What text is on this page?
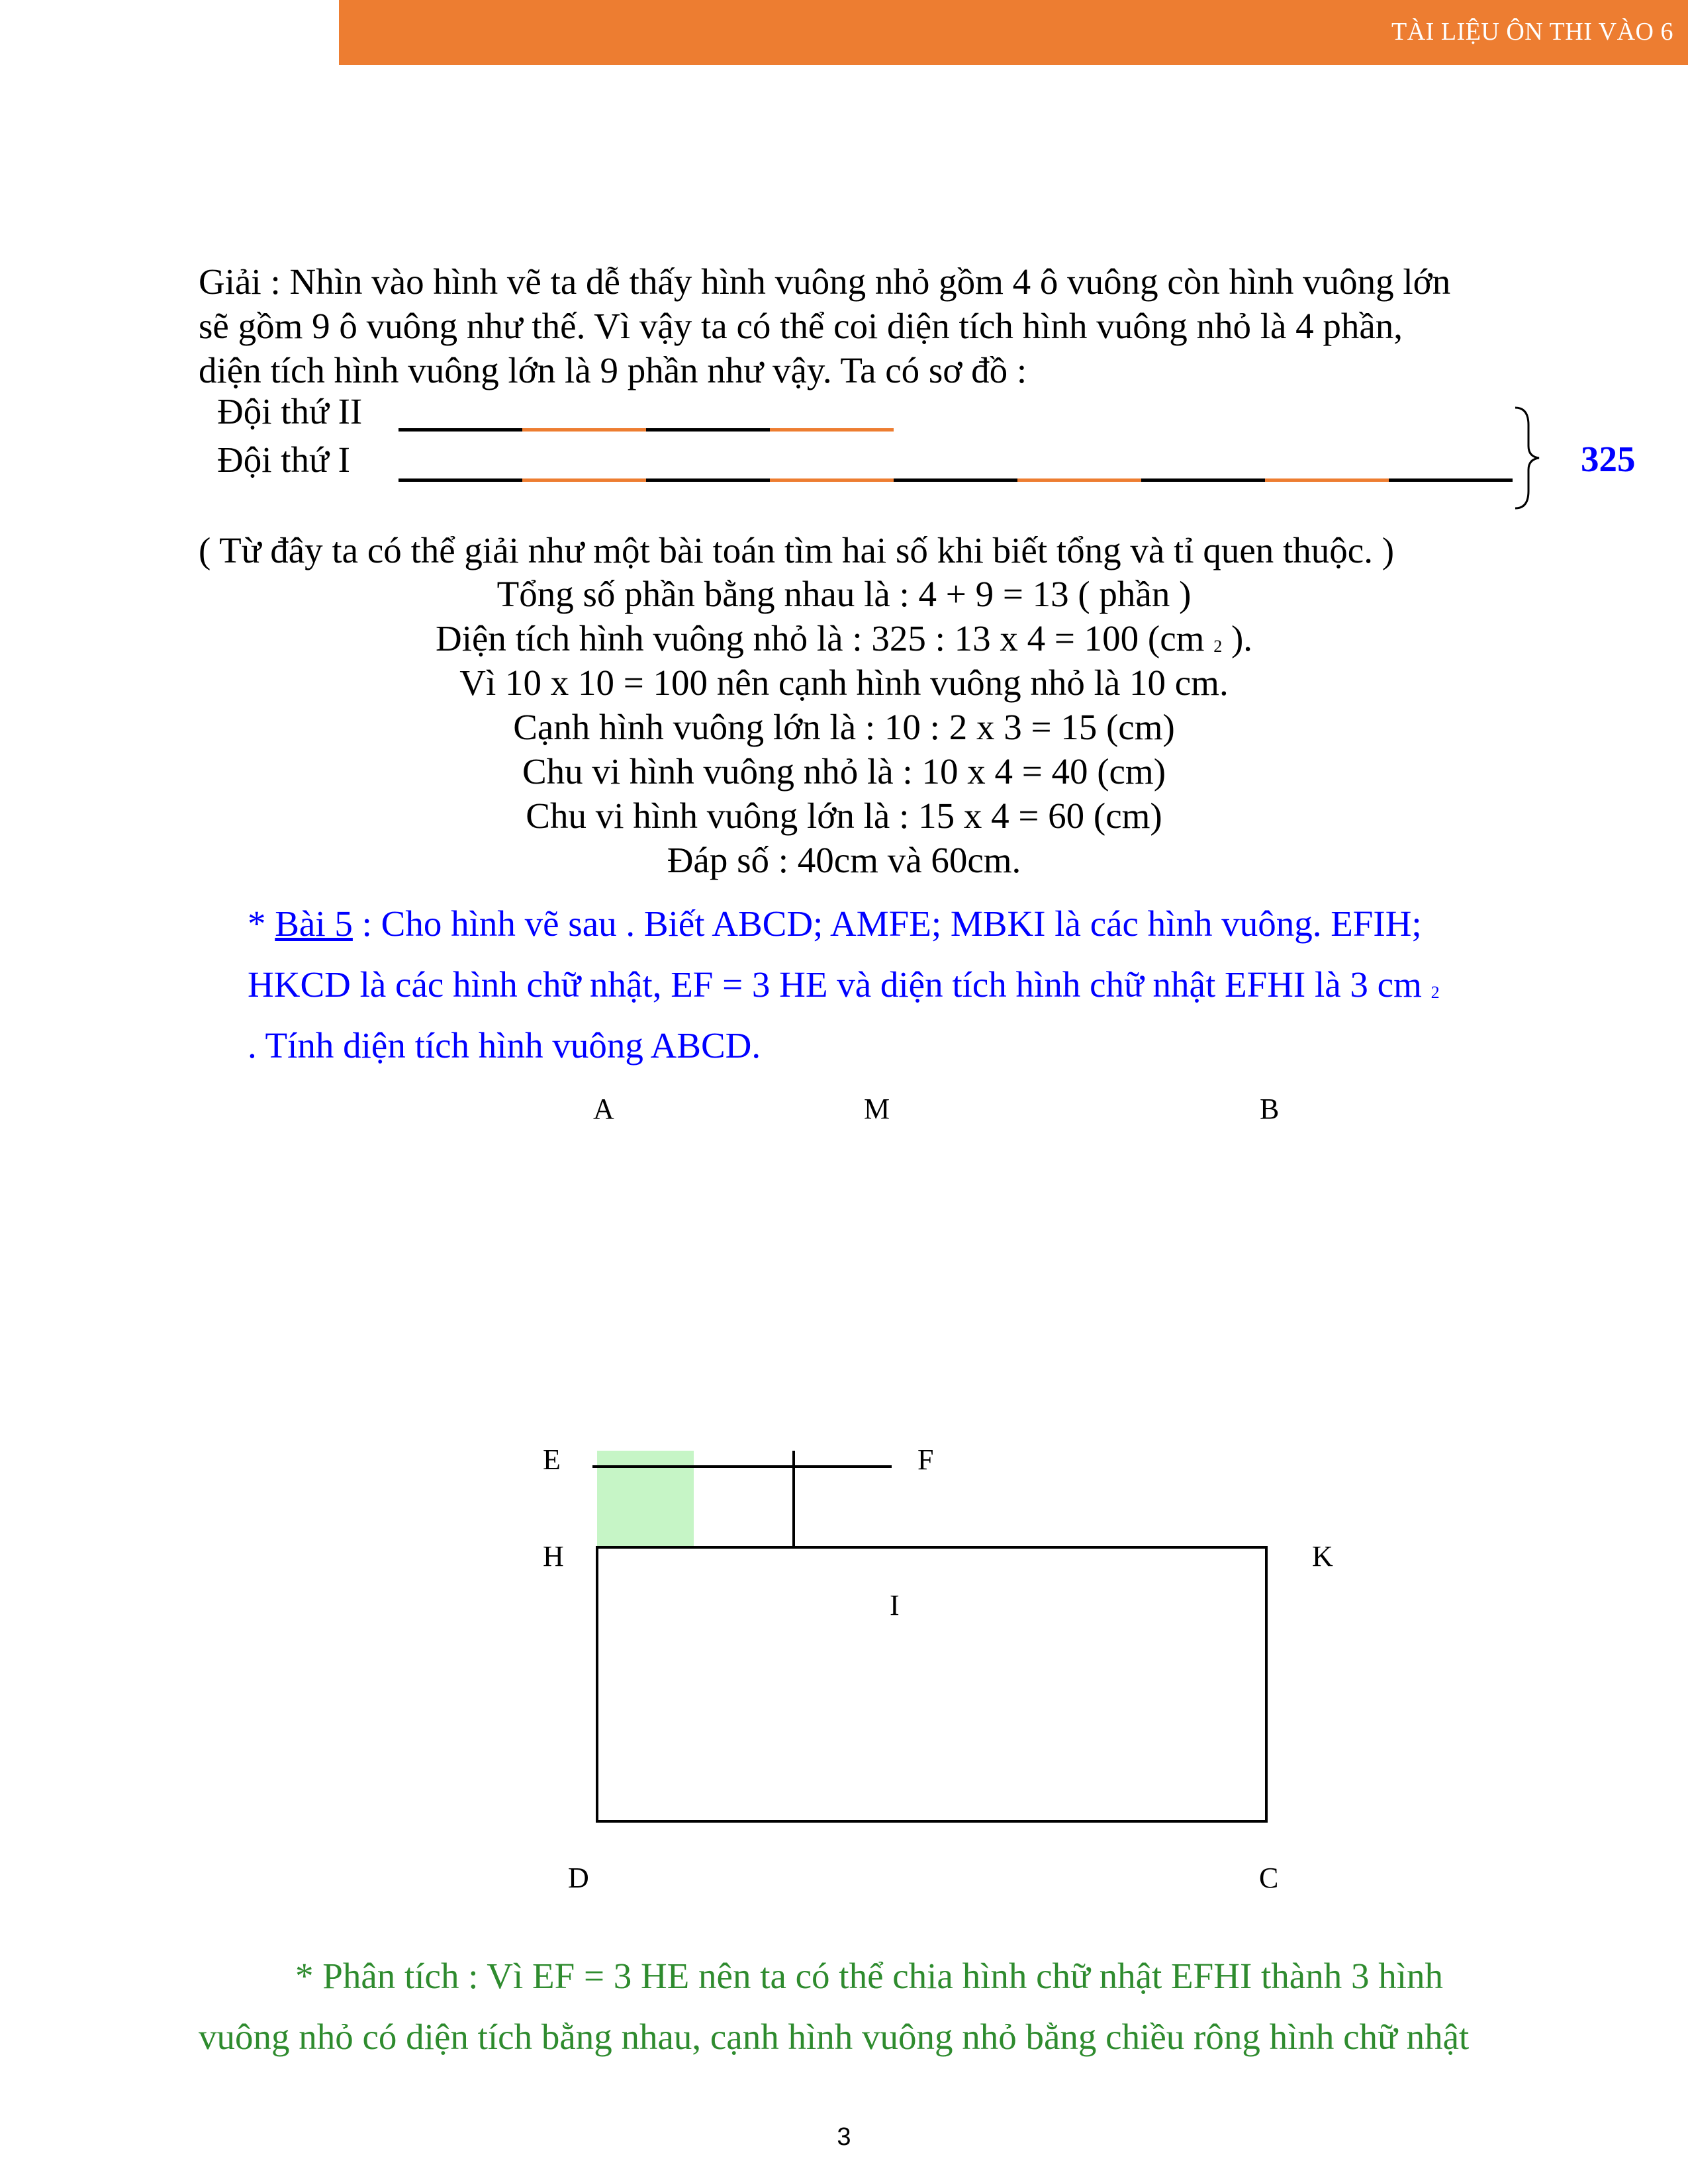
TÀI LIỆU ÔN THI VÀO 6
Giải : Nhìn vào hình vẽ ta dễ thấy hình vuông nhỏ gồm 4 ô vuông còn hình vuông lớn
sẽ gồm 9 ô vuông như thế. Vì vậy ta có thể coi diện tích hình vuông nhỏ là 4 phần,
diện tích hình vuông lớn là 9 phần như vậy. Ta có sơ đồ :
Đội thứ II
Đội thứ I	325
( Từ đây ta có thể giải như một bài toán tìm hai số khi biết tổng và tỉ quen thuộc. )
Tổng số phần bằng nhau là : 4 + 9 = 13 ( phần )
Diện tích hình vuông nhỏ là : 325 : 13 x 4 = 100 (cm 2 ).
Vì 10 x 10 = 100 nên cạnh hình vuông nhỏ là 10 cm.
Cạnh hình vuông lớn là : 10 : 2 x 3 = 15 (cm)
Chu vi hình vuông nhỏ là : 10 x 4 = 40 (cm)
Chu vi hình vuông lớn là : 15 x 4 = 60 (cm)
Đáp số : 40cm và 60cm.
* Bài 5 : Cho hình vẽ sau . Biết ABCD; AMFE; MBKI là các hình vuông. EFIH;
HKCD là các hình chữ nhật, EF = 3 HE và diện tích hình chữ nhật EFHI là 3 cm 2
. Tính diện tích hình vuông ABCD.
A	M	B
E	F
H	K
I
D	C
* Phân tích : Vì EF = 3 HE nên ta có thể chia hình chữ nhật EFHI thành 3 hình
vuông nhỏ có diện tích bằng nhau, cạnh hình vuông nhỏ bằng chiều rông hình chữ nhật
3
